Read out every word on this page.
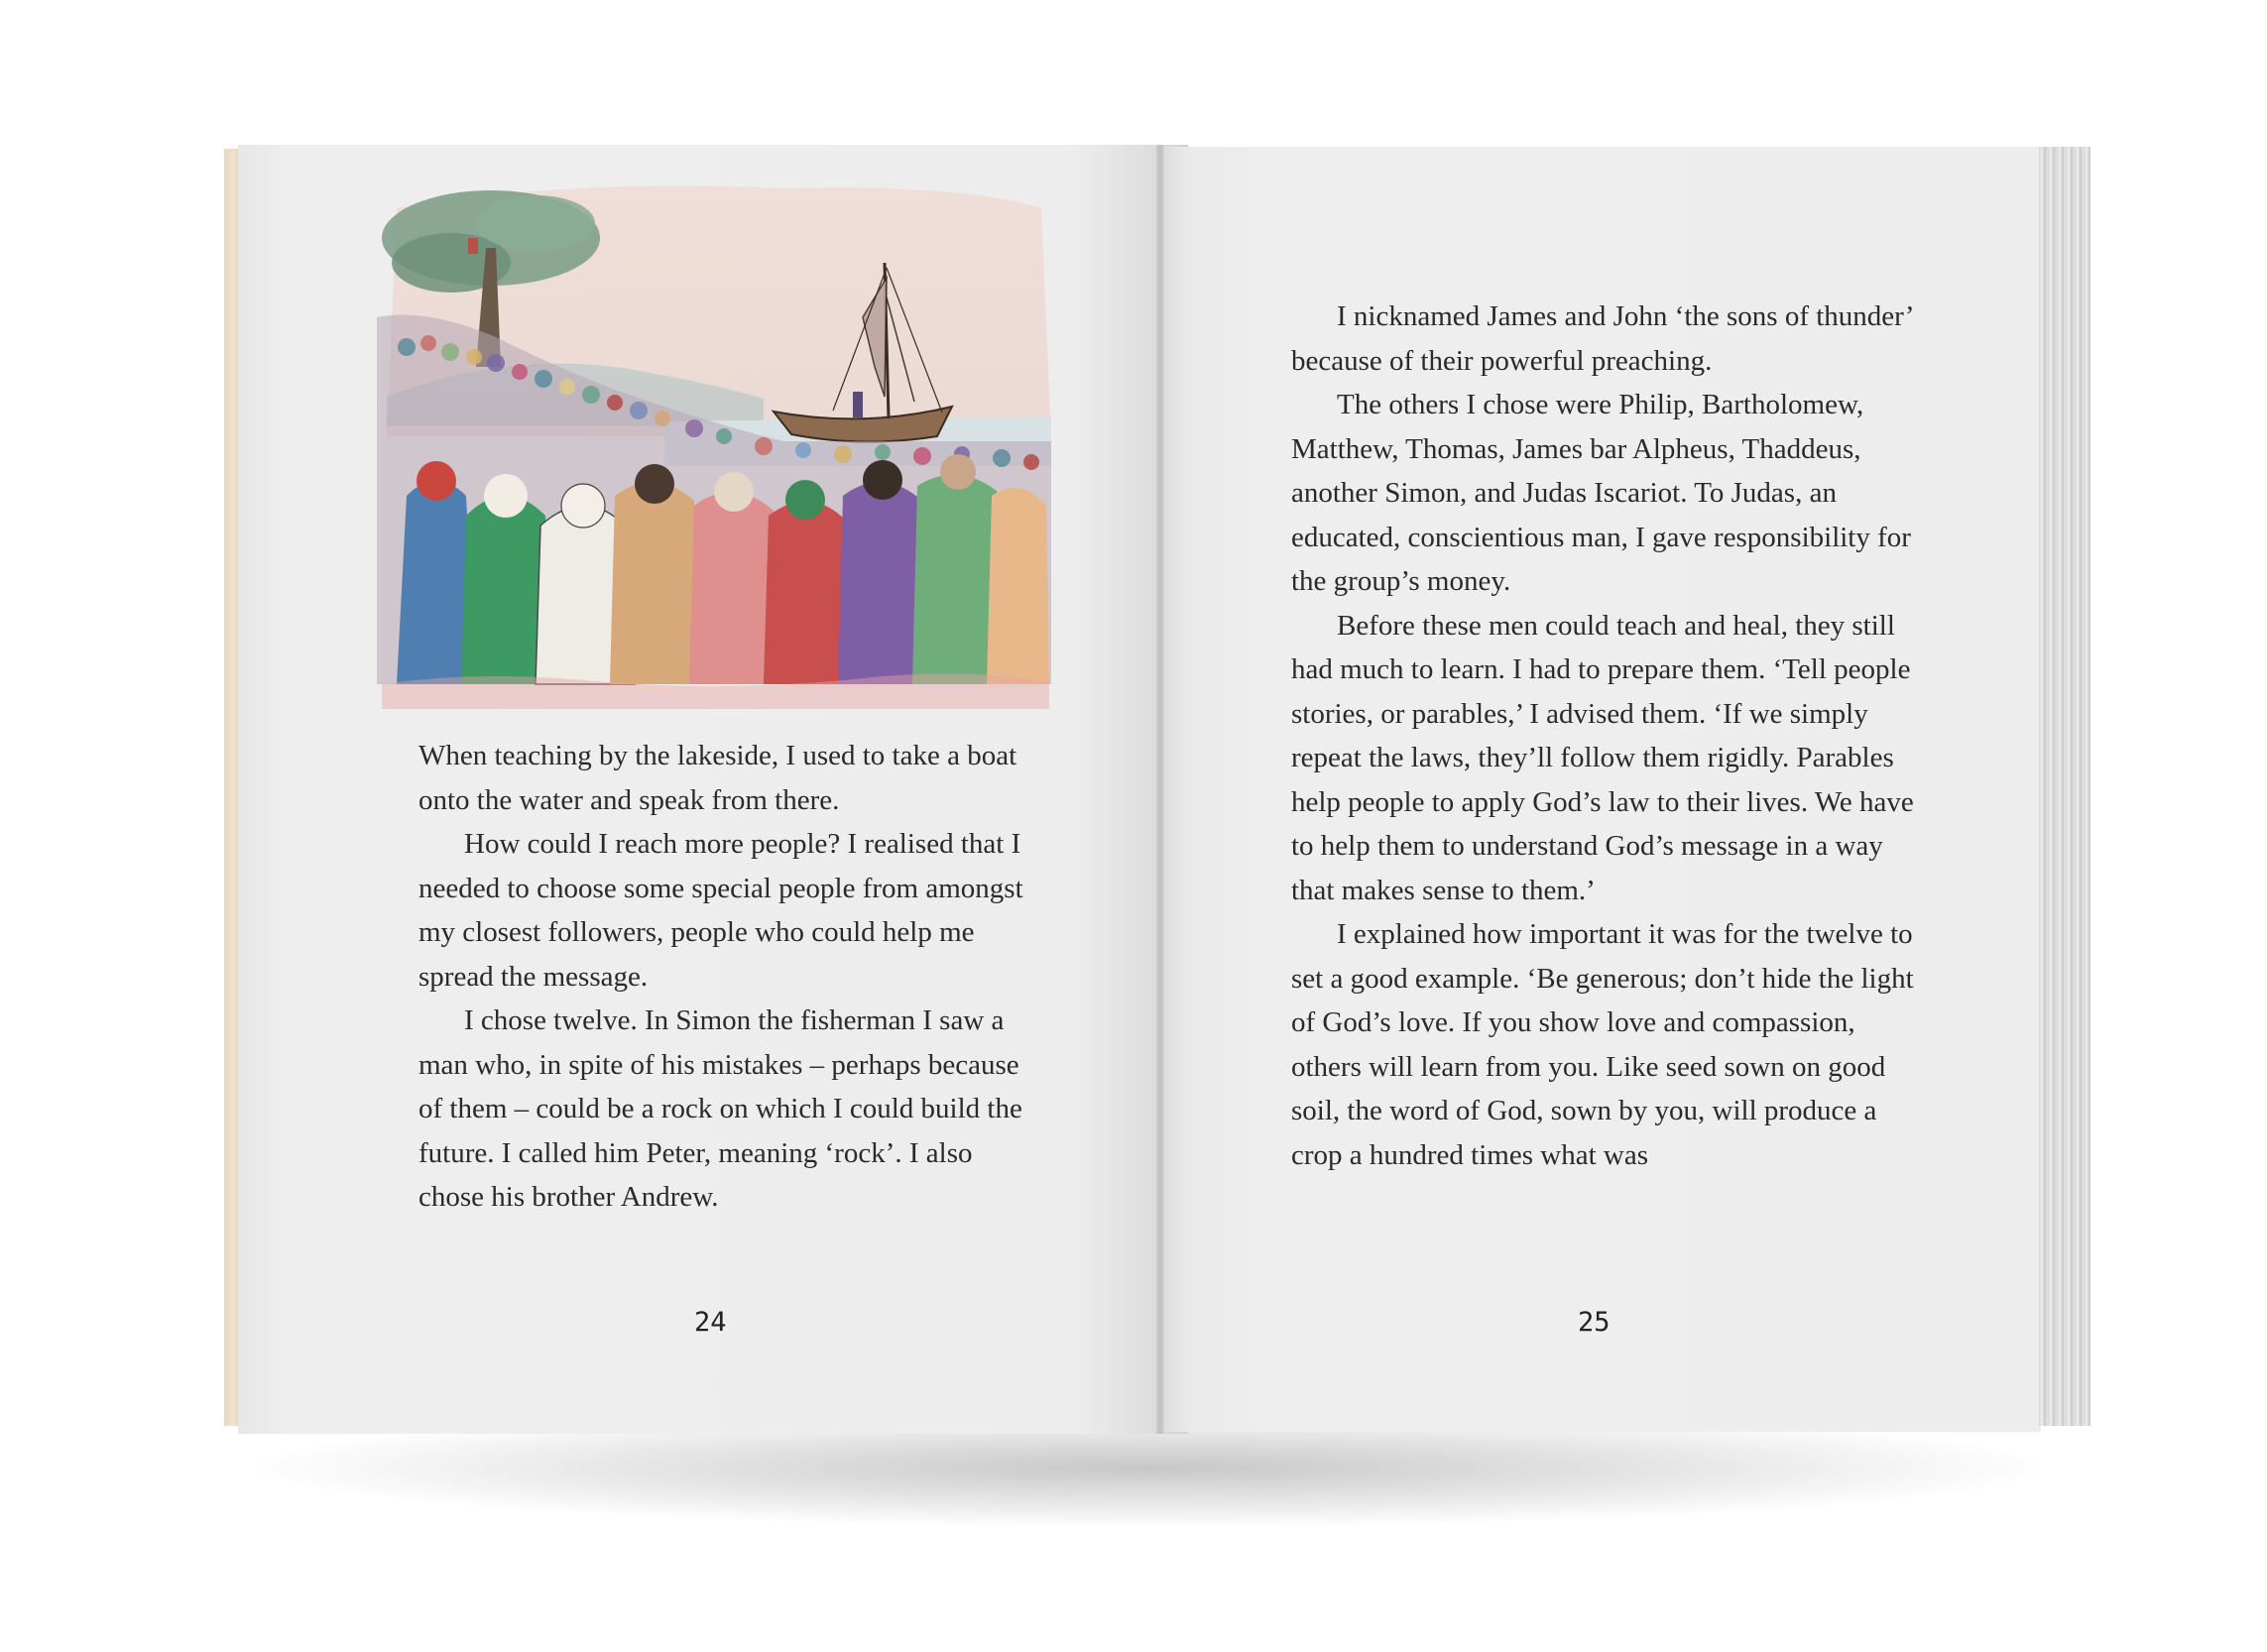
When teaching by the lakeside, I used to take a boat onto the water and speak from there.

How could I reach more people? I realised that I needed to choose some special people from amongst my closest followers, people who could help me spread the message.

I chose twelve. In Simon the fisherman I saw a man who, in spite of his mistakes – perhaps because of them – could be a rock on which I could build the future. I called him Peter, meaning ‘rock’. I also chose his brother Andrew.

I nicknamed James and John ‘the sons of thunder’ because of their powerful preaching.

The others I chose were Philip, Bartholomew, Matthew, Thomas, James bar Alpheus, Thaddeus, another Simon, and Judas Iscariot. To Judas, an educated, conscientious man, I gave responsibility for the group’s money.

Before these men could teach and heal, they still had much to learn. I had to prepare them. ‘Tell people stories, or parables,’ I advised them. ‘If we simply repeat the laws, they’ll follow them rigidly. Parables help people to apply God’s law to their lives. We have to help them to understand God’s message in a way that makes sense to them.’

I explained how important it was for the twelve to set a good example. ‘Be generous; don’t hide the light of God’s love. If you show love and compassion, others will learn from you. Like seed sown on good soil, the word of God, sown by you, will produce a crop a hundred times what was

24	25
